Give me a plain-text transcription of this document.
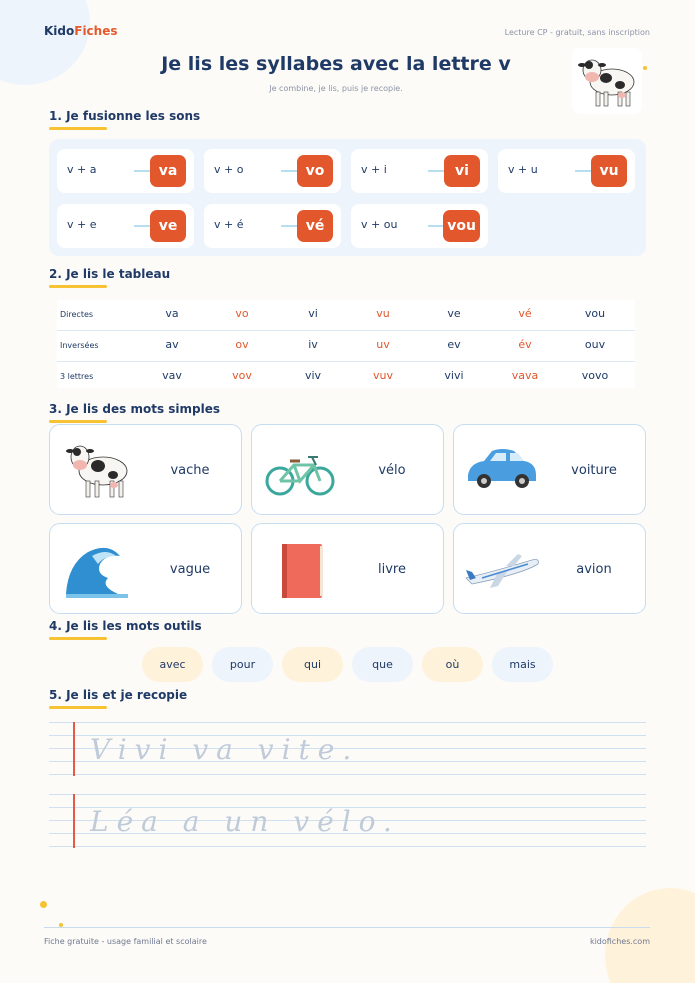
KidoFiches	Lecture CP - gratuit, sans inscription
Je lis les syllabes avec la lettre v
Je combine, je lis, puis je recopie.
1. Je fusionne les sons
v + a	va	v + o	vo	v + i	vi	v + u	vu
v + e	ve	v + é	vé	v + ou	vou
2. Je lis le tableau
Directes	va	vo	vi	vu	ve	vé	vou
Inversées	av	ov	iv	uv	ev	év	ouv
3 lettres	vav	vov	viv	vuv	vivi	vava	vovo
3. Je lis des mots simples
vache	vélo	voiture
vague	livre	avion
4. Je lis les mots outils
avec	pour	qui	que	où	mais
5. Je lis et je recopie
Vivi va vite.
Léa a un vélo.
Fiche gratuite - usage familial et scolaire	kidofiches.com
